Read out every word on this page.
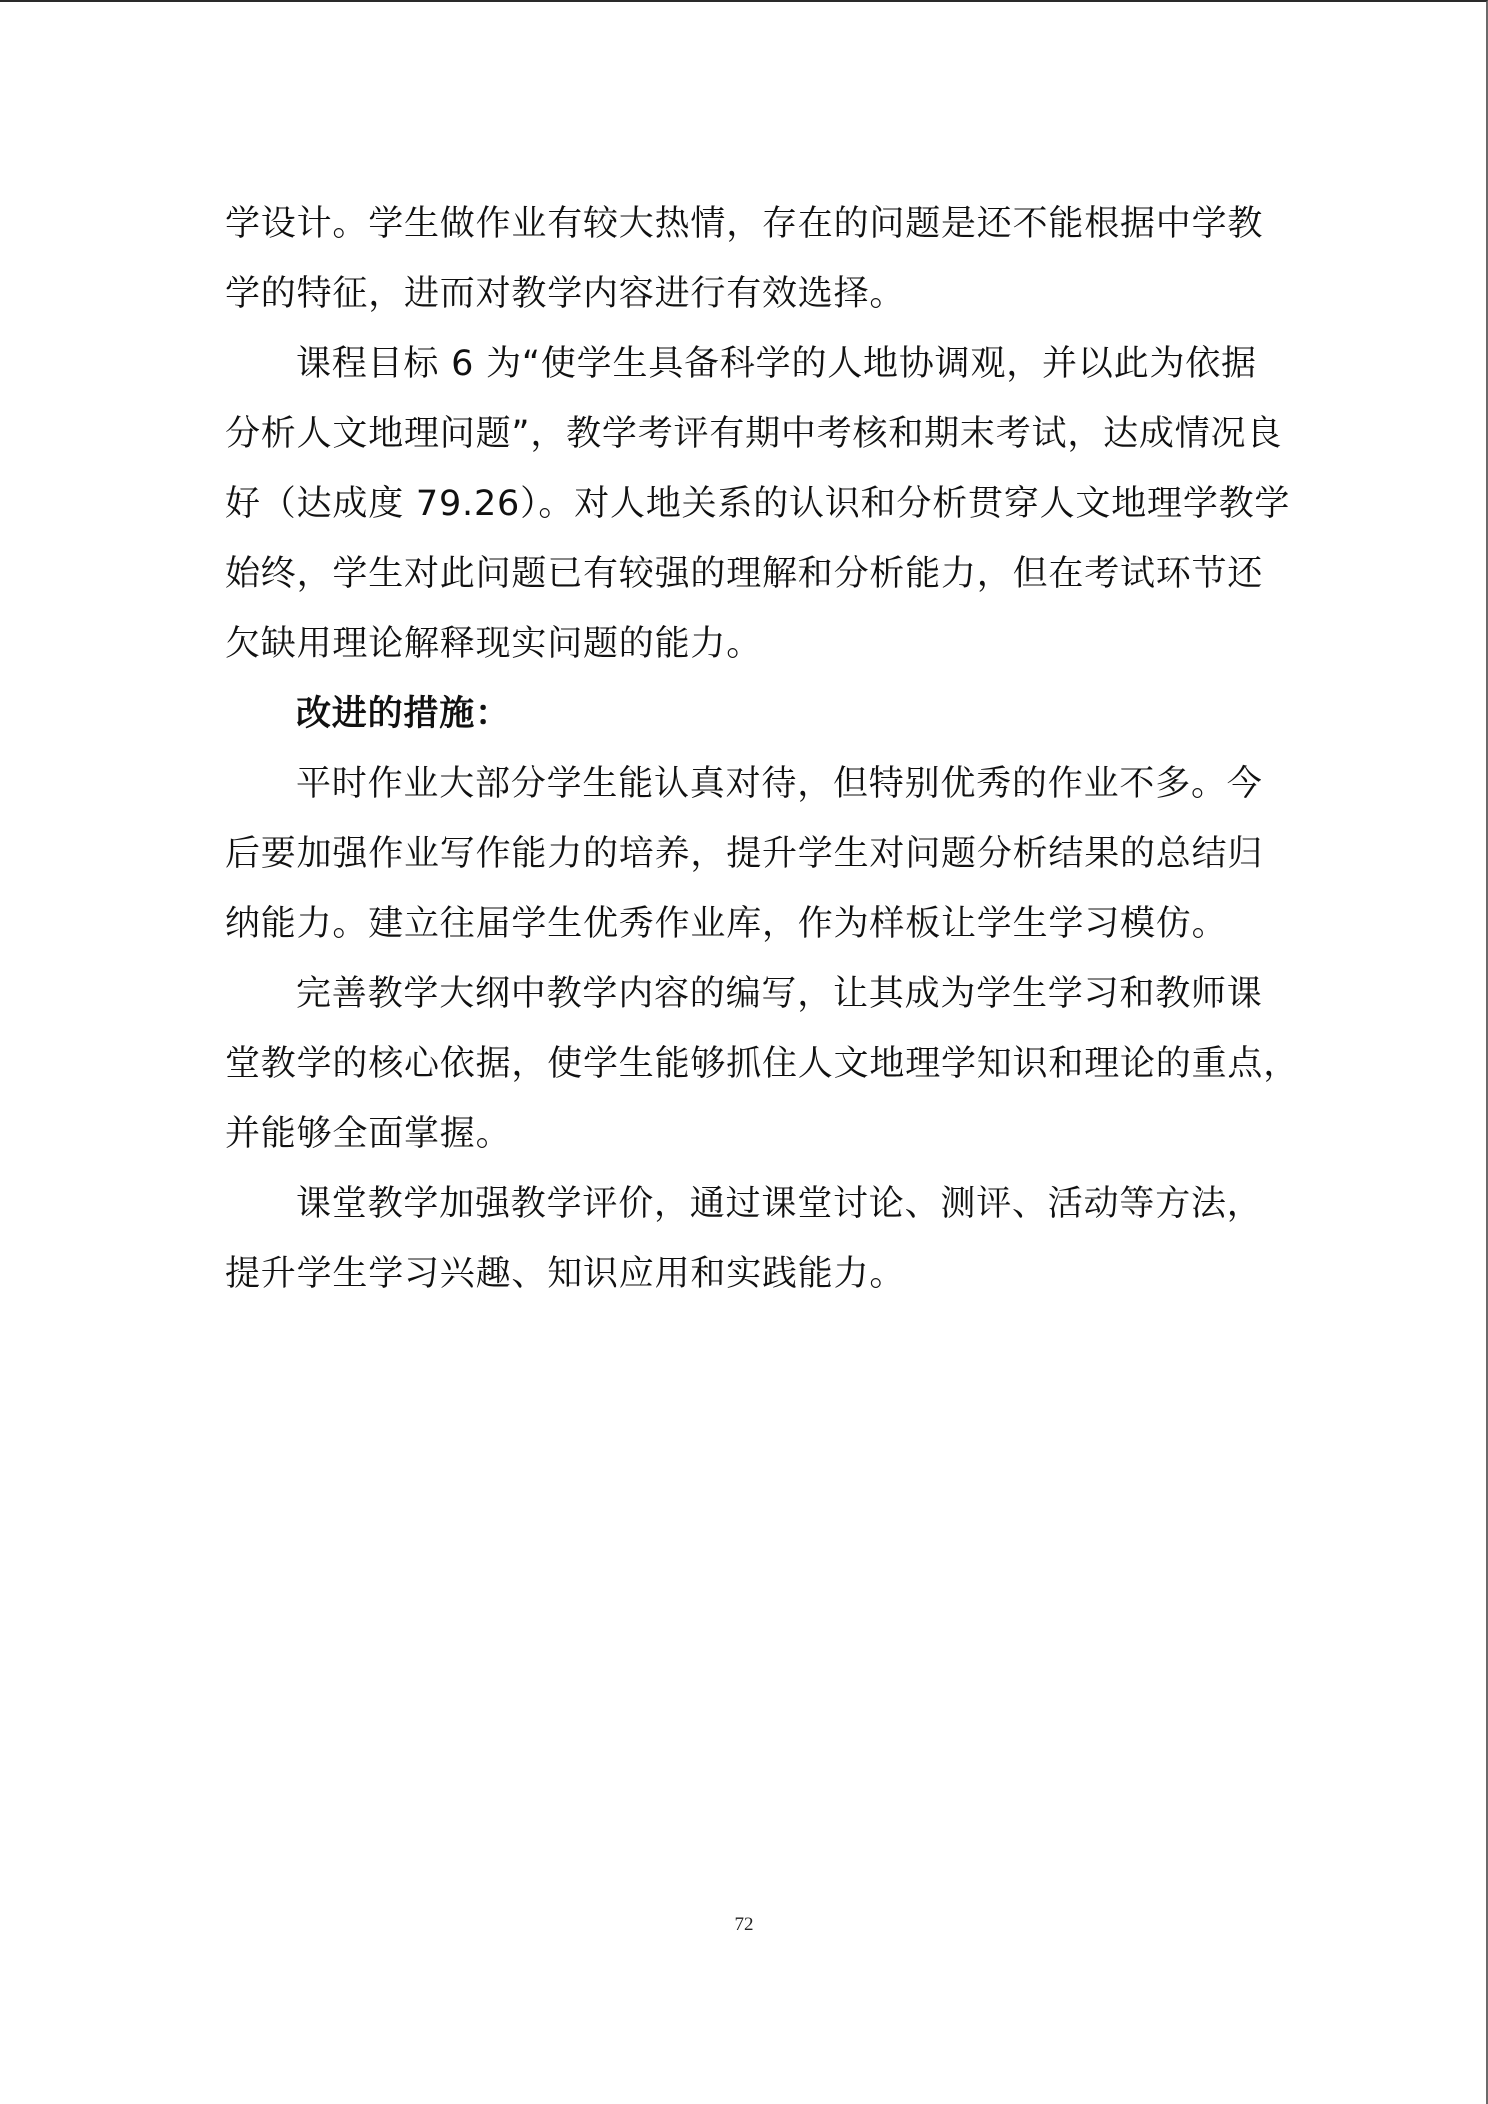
学设计。学生做作业有较大热情，存在的问题是还不能根据中学教
学的特征，进而对教学内容进行有效选择。
课程目标 6 为“使学生具备科学的人地协调观，并以此为依据
分析人文地理问题”，教学考评有期中考核和期末考试，达成情况良
好（达成度 79.26）。对人地关系的认识和分析贯穿人文地理学教学
始终，学生对此问题已有较强的理解和分析能力，但在考试环节还
欠缺用理论解释现实问题的能力。
改进的措施：
平时作业大部分学生能认真对待，但特别优秀的作业不多。今
后要加强作业写作能力的培养，提升学生对问题分析结果的总结归
纳能力。建立往届学生优秀作业库，作为样板让学生学习模仿。
完善教学大纲中教学内容的编写，让其成为学生学习和教师课
堂教学的核心依据，使学生能够抓住人文地理学知识和理论的重点，
并能够全面掌握。
课堂教学加强教学评价，通过课堂讨论、测评、活动等方法，
提升学生学习兴趣、知识应用和实践能力。
72
